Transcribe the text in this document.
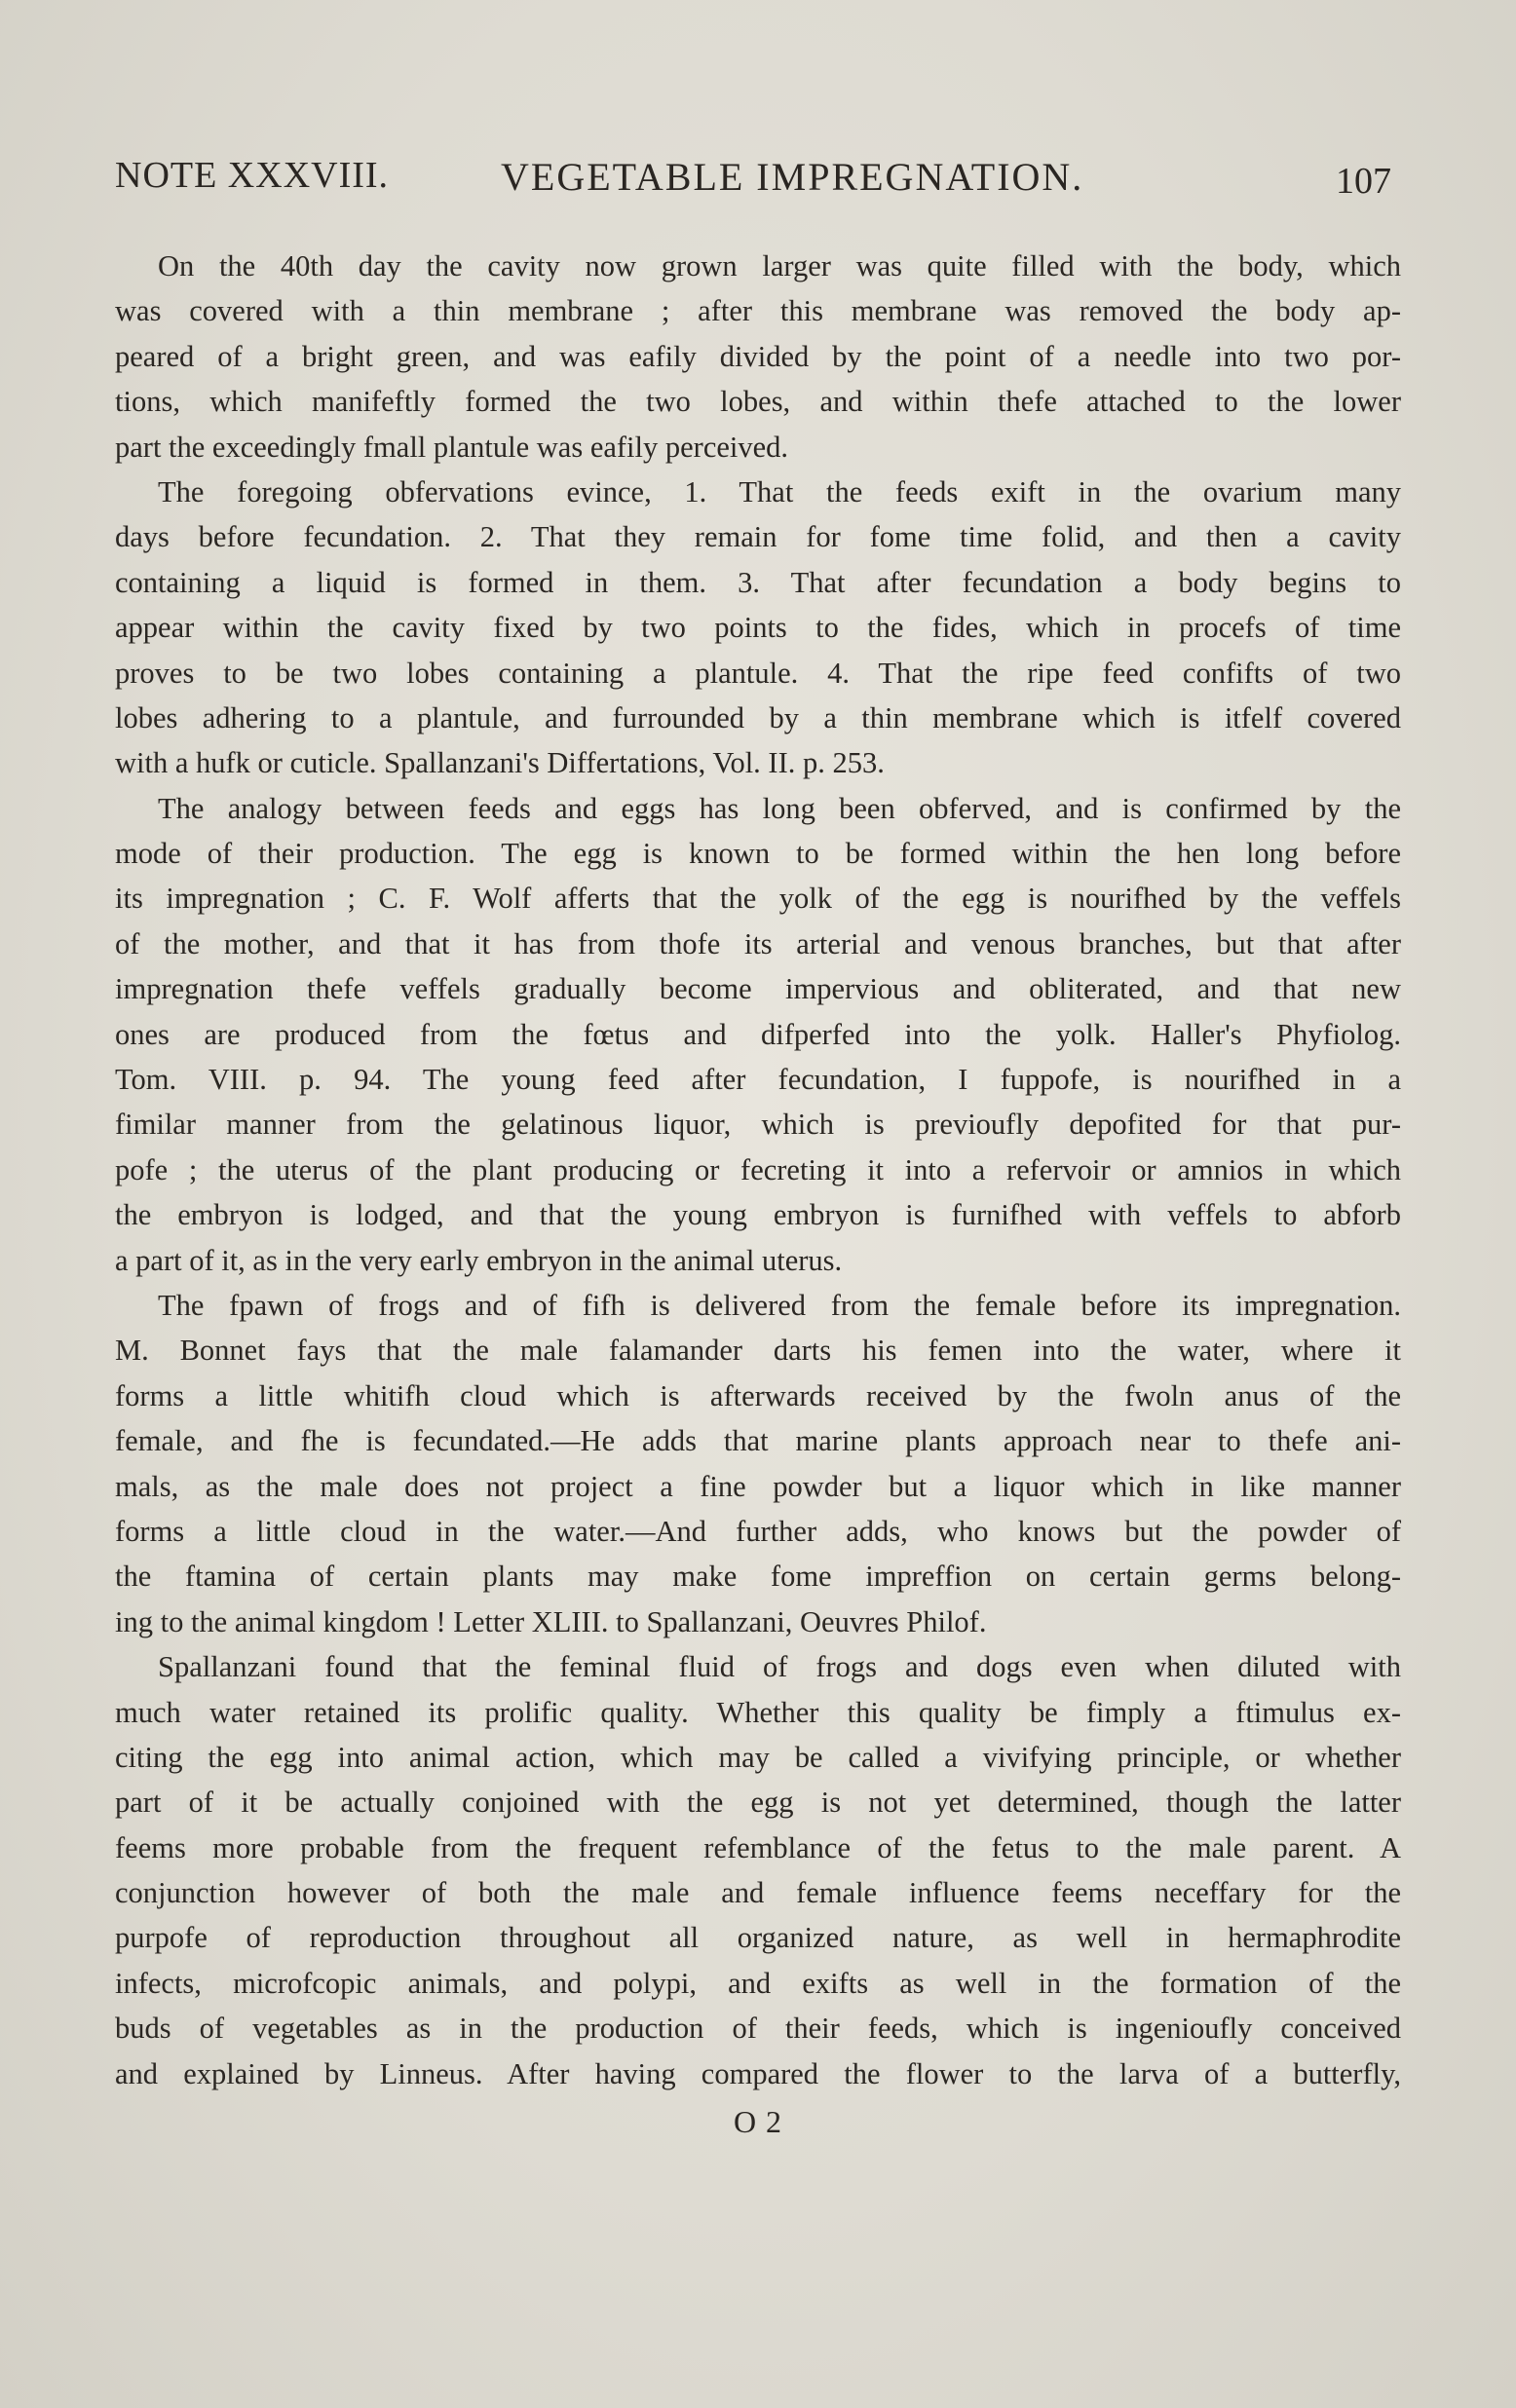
NOTE XXXVIII.	VEGETABLE IMPREGNATION.	107
On the 40th day the cavity now grown larger was quite filled with the body, which
was covered with a thin membrane ; after this membrane was removed the body ap-
peared of a bright green, and was eafily divided by the point of a needle into two por-
tions, which manifeftly formed the two lobes, and within thefe attached to the lower
part the exceedingly fmall plantule was eafily perceived.
The foregoing obfervations evince, 1. That the feeds exift in the ovarium many
days before fecundation. 2. That they remain for fome time folid, and then a cavity
containing a liquid is formed in them. 3. That after fecundation a body begins to
appear within the cavity fixed by two points to the fides, which in procefs of time
proves to be two lobes containing a plantule. 4. That the ripe feed confifts of two
lobes adhering to a plantule, and furrounded by a thin membrane which is itfelf covered
with a hufk or cuticle. Spallanzani's Differtations, Vol. II. p. 253.
The analogy between feeds and eggs has long been obferved, and is confirmed by the
mode of their production. The egg is known to be formed within the hen long before
its impregnation ; C. F. Wolf afferts that the yolk of the egg is nourifhed by the veffels
of the mother, and that it has from thofe its arterial and venous branches, but that after
impregnation thefe veffels gradually become impervious and obliterated, and that new
ones are produced from the fœtus and difperfed into the yolk. Haller's Phyfiolog.
Tom. VIII. p. 94. The young feed after fecundation, I fuppofe, is nourifhed in a
fimilar manner from the gelatinous liquor, which is previoufly depofited for that pur-
pofe ; the uterus of the plant producing or fecreting it into a refervoir or amnios in which
the embryon is lodged, and that the young embryon is furnifhed with veffels to abforb
a part of it, as in the very early embryon in the animal uterus.
The fpawn of frogs and of fifh is delivered from the female before its impregnation.
M. Bonnet fays that the male falamander darts his femen into the water, where it
forms a little whitifh cloud which is afterwards received by the fwoln anus of the
female, and fhe is fecundated.—He adds that marine plants approach near to thefe ani-
mals, as the male does not project a fine powder but a liquor which in like manner
forms a little cloud in the water.—And further adds, who knows but the powder of
the ftamina of certain plants may make fome impreffion on certain germs belong-
ing to the animal kingdom ! Letter XLIII. to Spallanzani, Oeuvres Philof.
Spallanzani found that the feminal fluid of frogs and dogs even when diluted with
much water retained its prolific quality. Whether this quality be fimply a ftimulus ex-
citing the egg into animal action, which may be called a vivifying principle, or whether
part of it be actually conjoined with the egg is not yet determined, though the latter
feems more probable from the frequent refemblance of the fetus to the male parent. A
conjunction however of both the male and female influence feems neceffary for the
purpofe of reproduction throughout all organized nature, as well in hermaphrodite
infects, microfcopic animals, and polypi, and exifts as well in the formation of the
buds of vegetables as in the production of their feeds, which is ingenioufly conceived
and explained by Linneus. After having compared the flower to the larva of a butterfly,
O 2
